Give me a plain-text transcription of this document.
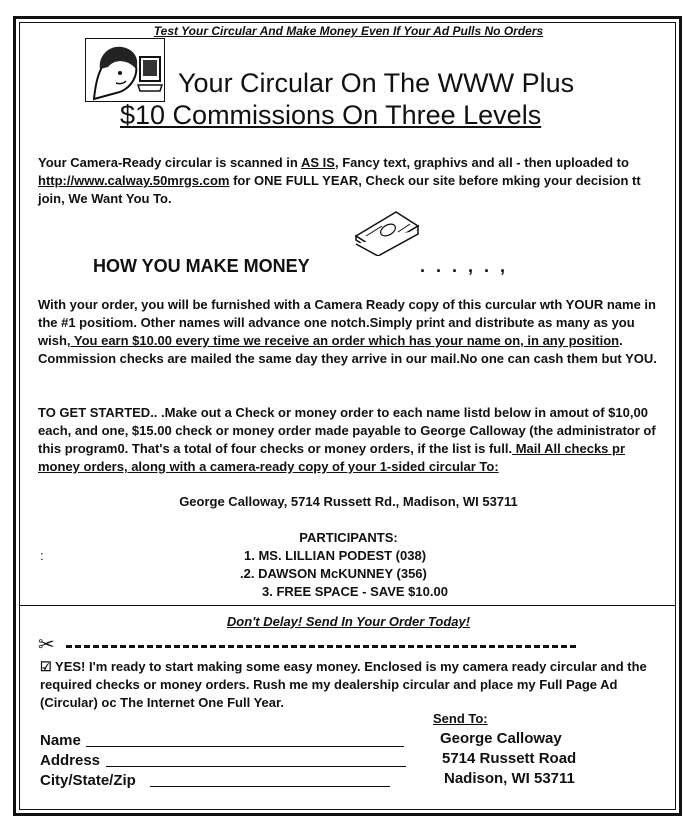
Test Your Circular And Make Money Even If Your Ad Pulls No Orders
Your Circular On The WWW Plus
$10 Commissions On Three Levels
Your Camera-Ready circular is scanned in AS IS, Fancy text, graphivs and all - then uploaded to
http://www.calway.50mrgs.com for ONE FULL YEAR, Check our site before mking your decision tt join, We Want You To.
HOW YOU MAKE MONEY	. . . , . ,
With your order, you will be furnished with a Camera Ready copy of this curcular wth YOUR name in the #1 positiom. Other names will advance one notch.Simply print and distribute as many as you wish, You earn $10.00 every time we receive an order which has your name on, in any position. Commission checks are mailed the same day they arrive in our mail.No one can cash them but YOU.
TO GET STARTED.. .Make out a Check or money order to each name listd below in amout of $10,00 each, and one, $15.00 check or money order made payable to George Calloway (the administrator of this program0. That's a total of four checks or money orders, if the list is full. Mail All checks pr money orders, along with a camera-ready copy of your 1-sided circular To:
George Calloway, 5714 Russett Rd., Madison, WI 53711
PARTICIPANTS:
:	1. MS. LILLIAN PODEST (038)
.2. DAWSON McKUNNEY (356)
3. FREE SPACE - SAVE $10.00
Don't Delay! Send In Your Order Today!
✂
☑ YES! I'm ready to start making some easy money. Enclosed is my camera ready circular and the required checks or money orders. Rush me my dealership circular and place my Full Page Ad (Circular) oc The Internet One Full Year.
Send To:
Name
Address
City/State/Zip
George Calloway
5714 Russett Road
Nadison, WI 53711
